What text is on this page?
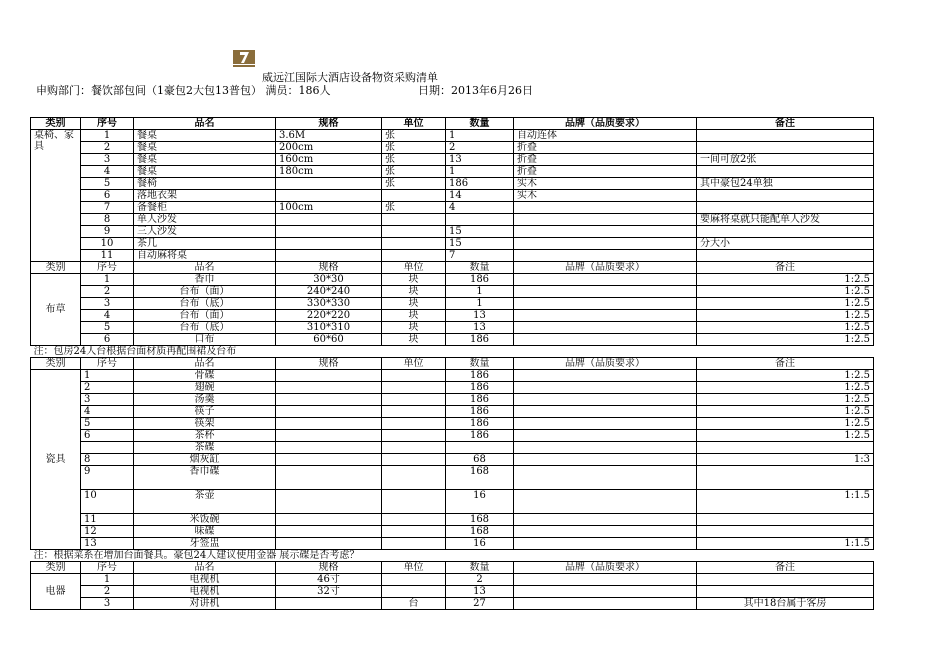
威远江国际大酒店设备物资采购清单
申购部门：餐饮部包间（1豪包2大包13普包） 满员：186人	日期：2013年6月26日
类别	序号	品名	规格	单位	数量	品牌（品质要求）	备注
桌椅、家具	1	餐桌	3.6M	张	1	自动连体	
	2	餐桌	200cm	张	2	折叠	
	3	餐桌	160cm	张	13	折叠	一间可放2张
	4	餐桌	180cm	张	1	折叠	
	5	餐椅		张	186	实木	其中豪包24单独
	6	落地衣架			14	实木	
	7	备餐柜	100cm	张	4		
	8	单人沙发					要麻将桌就只能配单人沙发
	9	三人沙发			15		
	10	茶几			15		分大小
	11	自动麻将桌			7		
类别	序号	品名	规格	单位	数量	品牌（品质要求）	备注
布草	1	香巾	30*30	块	186		1:2.5
	2	台布（面）	240*240	块	1		1:2.5
	3	台布（底）	330*330	块	1		1:2.5
	4	台布（面）	220*220	块	13		1:2.5
	5	台布（底）	310*310	块	13		1:2.5
	6	口布	60*60	块	186		1:2.5
注：包房24人台根据台面材质再配围裙及台布							
类别	序号	品名	规格	单位	数量	品牌（品质要求）	备注
瓷具	1	骨碟			186		1:2.5
	2	翅碗			186		1:2.5
	3	汤羹			186		1:2.5
	4	筷子			186		1:2.5
	5	筷架			186		1:2.5
	6	茶杯			186		1:2.5
		茶碟					
	8	烟灰缸			68		1:3
	9	香巾碟			168		
	10	茶壶			16		1:1.5
	11	米饭碗			168		
	12	味碟			168		
	13	牙签盅			16		1:1.5
注：根据菜系在增加台面餐具。豪包24人建议使用金器 展示碟是否考虑？							
类别	序号	品名	规格	单位	数量	品牌（品质要求）	备注
电器	1	电视机	46寸		2		
	2	电视机	32寸		13		
	3	对讲机		台	27		其中18台属于客房
